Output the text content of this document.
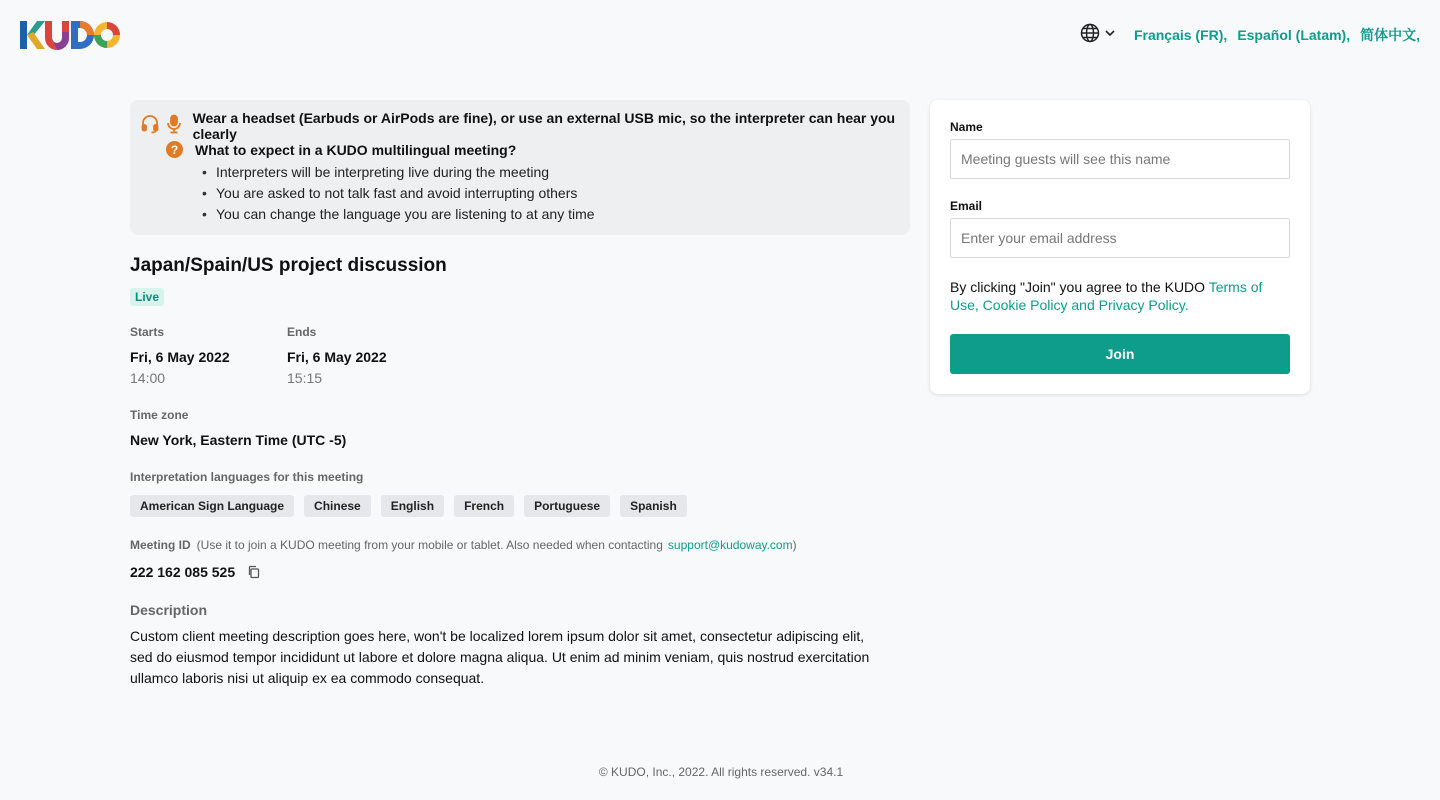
Français (FR), Español (Latam), 简体中文,
Wear a headset (Earbuds or AirPods are fine), or use an external USB mic, so the interpreter can hear you clearly
?	What to expect in a KUDO multilingual meeting?
• Interpreters will be interpreting live during the meeting
• You are asked to not talk fast and avoid interrupting others
• You can change the language you are listening to at any time
Japan/Spain/US project discussion
Live
Starts
Fri, 6 May 2022
14:00
Ends
Fri, 6 May 2022
15:15
Time zone
New York, Eastern Time (UTC -5)
Interpretation languages for this meeting
American Sign Language	Chinese	English	French	Portuguese	Spanish
Meeting ID (Use it to join a KUDO meeting from your mobile or tablet. Also needed when contacting support@kudoway.com )
222 162 085 525
Description
Custom client meeting description goes here, won't be localized lorem ipsum dolor sit amet, consectetur adipiscing elit, sed do eiusmod tempor incididunt ut labore et dolore magna aliqua. Ut enim ad minim veniam, quis nostrud exercitation ullamco laboris nisi ut aliquip ex ea commodo consequat.
Name
Meeting guests will see this name
Email
Enter your email address
By clicking "Join" you agree to the KUDO Terms of Use, Cookie Policy and Privacy Policy.
Join
© KUDO, Inc., 2022. All rights reserved. v34.1
